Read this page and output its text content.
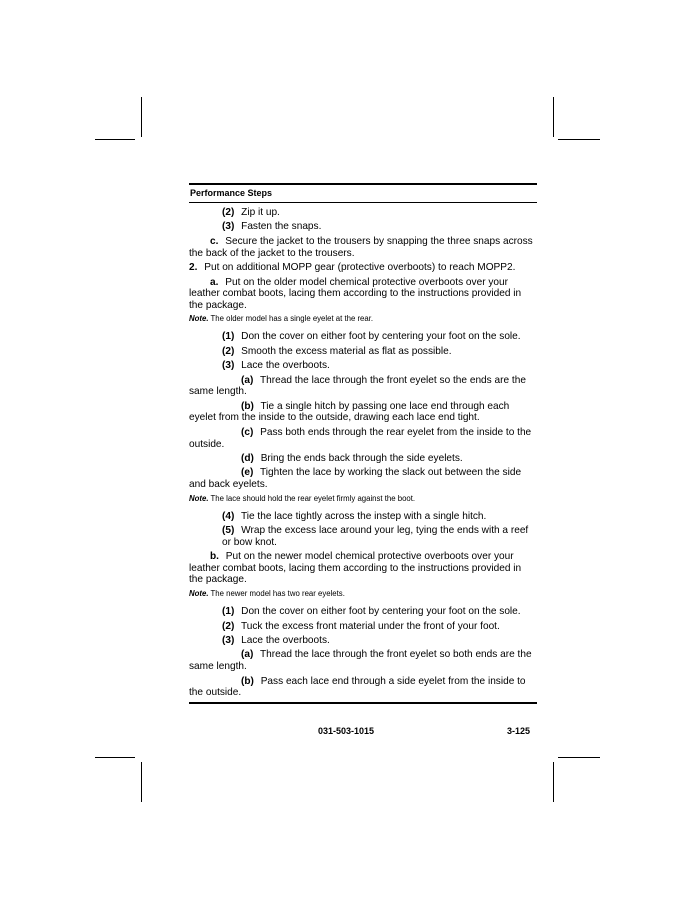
Performance Steps
(2) Zip it up.
(3) Fasten the snaps.
c. Secure the jacket to the trousers by snapping the three snaps across the back of the jacket to the trousers.
2. Put on additional MOPP gear (protective overboots) to reach MOPP2.
a. Put on the older model chemical protective overboots over your leather combat boots, lacing them according to the instructions provided in the package.
Note. The older model has a single eyelet at the rear.
(1) Don the cover on either foot by centering your foot on the sole.
(2) Smooth the excess material as flat as possible.
(3) Lace the overboots.
(a) Thread the lace through the front eyelet so the ends are the same length.
(b) Tie a single hitch by passing one lace end through each eyelet from the inside to the outside, drawing each lace end tight.
(c) Pass both ends through the rear eyelet from the inside to the outside.
(d) Bring the ends back through the side eyelets.
(e) Tighten the lace by working the slack out between the side and back eyelets.
Note. The lace should hold the rear eyelet firmly against the boot.
(4) Tie the lace tightly across the instep with a single hitch.
(5) Wrap the excess lace around your leg, tying the ends with a reef or bow knot.
b. Put on the newer model chemical protective overboots over your leather combat boots, lacing them according to the instructions provided in the package.
Note. The newer model has two rear eyelets.
(1) Don the cover on either foot by centering your foot on the sole.
(2) Tuck the excess front material under the front of your foot.
(3) Lace the overboots.
(a) Thread the lace through the front eyelet so both ends are the same length.
(b) Pass each lace end through a side eyelet from the inside to the outside.
031-503-1015	3-125
